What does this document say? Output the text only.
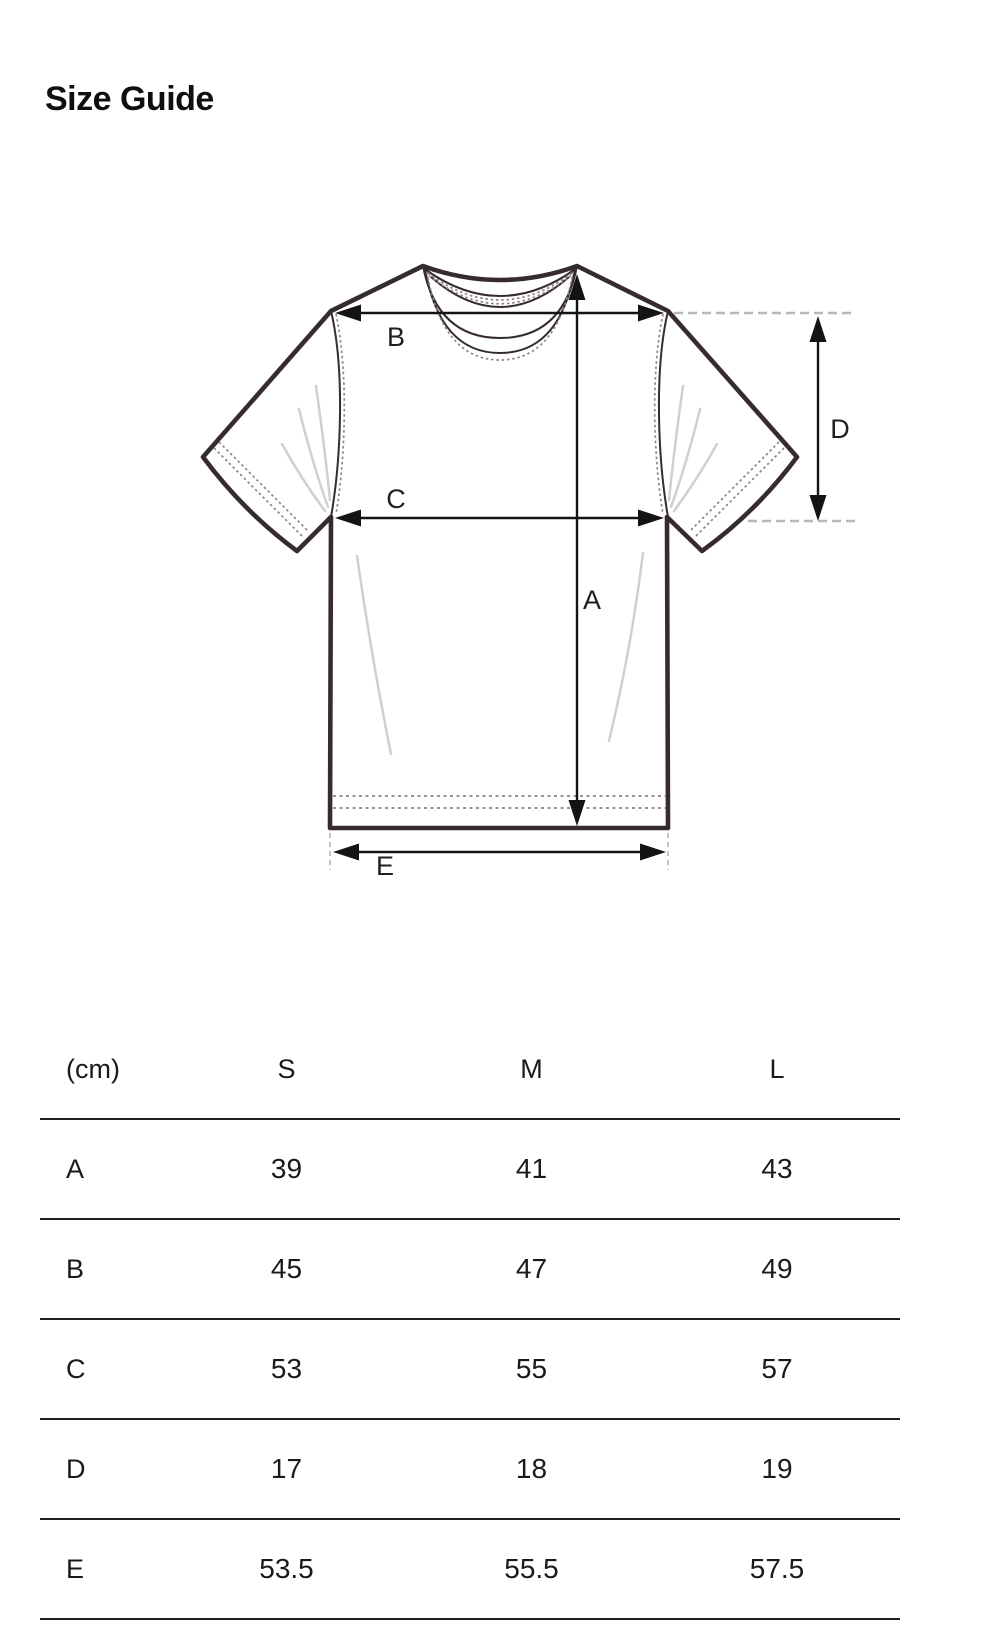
Size Guide
B
C
A
D
E
(cm)	S	M	L
A	39	41	43
B	45	47	49
C	53	55	57
D	17	18	19
E	53.5	55.5	57.5
